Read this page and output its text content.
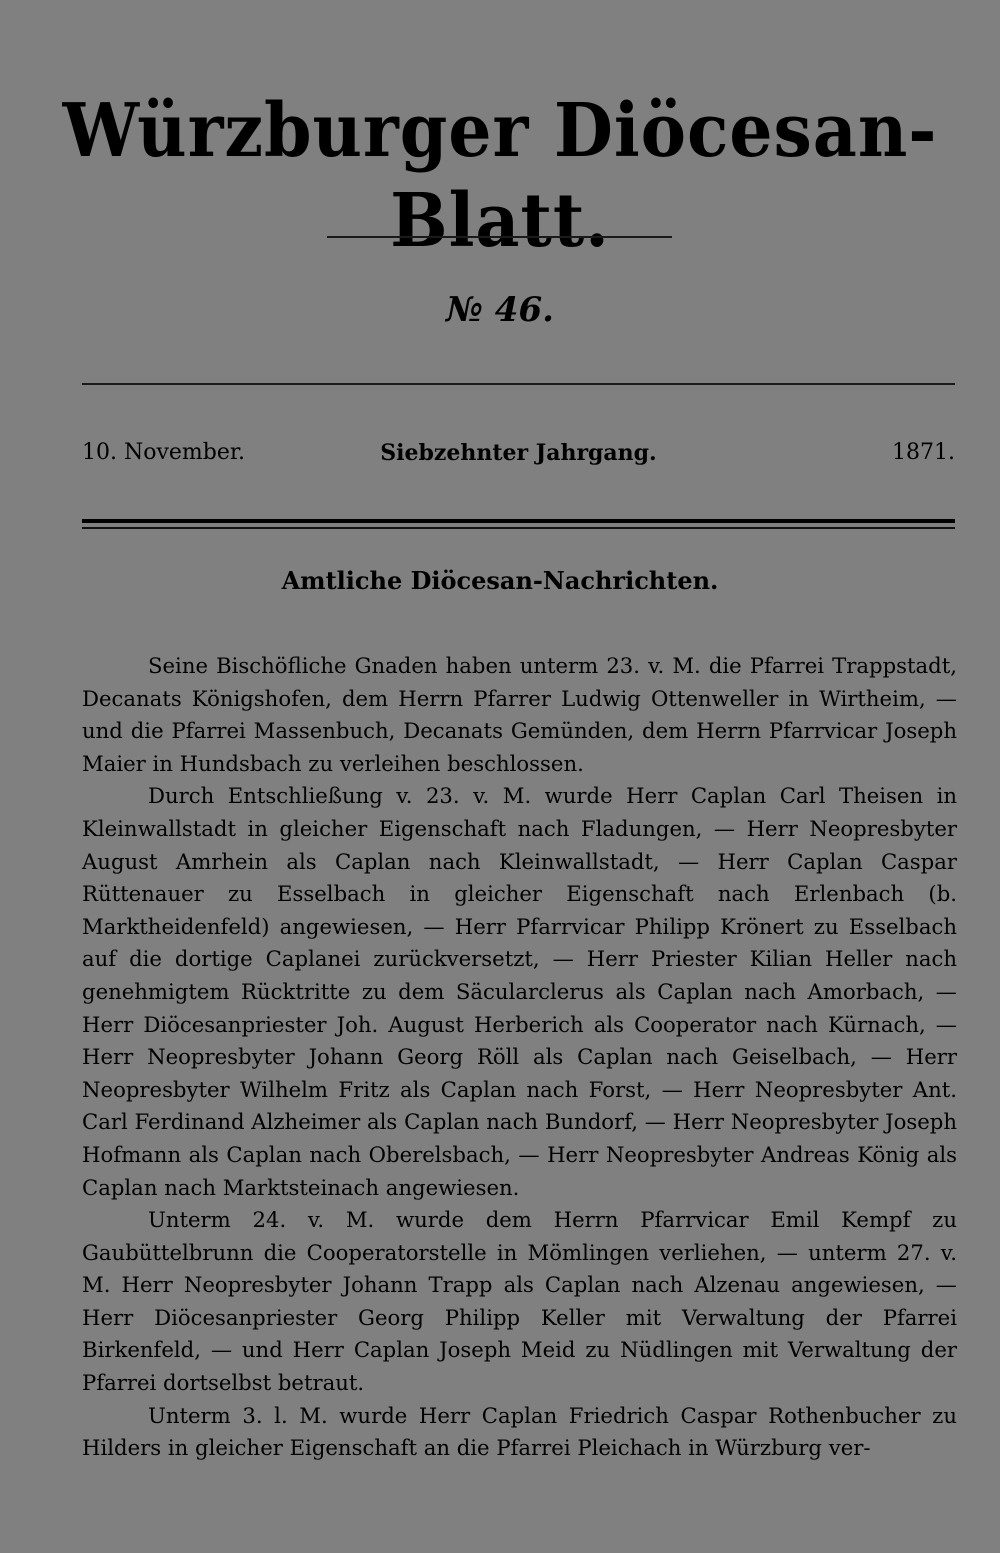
Würzburger Diöcesan-Blatt.
№ 46.
10. November.	Siebzehnter Jahrgang.	1871.
Amtliche Diöcesan-Nachrichten.

Seine Bischöfliche Gnaden haben unterm 23. v. M. die Pfarrei Trappstadt, Decanats Königshofen, dem Herrn Pfarrer Ludwig Ottenweller in Wirtheim, — und die Pfarrei Massenbuch, Decanats Gemünden, dem Herrn Pfarrvicar Joseph Maier in Hundsbach zu verleihen beschlossen.

Durch Entschließung v. 23. v. M. wurde Herr Caplan Carl Theisen in Kleinwallstadt in gleicher Eigenschaft nach Fladungen, — Herr Neopresbyter August Amrhein als Caplan nach Kleinwallstadt, — Herr Caplan Caspar Rüttenauer zu Esselbach in gleicher Eigenschaft nach Erlenbach (b. Marktheidenfeld) angewiesen, — Herr Pfarrvicar Philipp Krönert zu Esselbach auf die dortige Caplanei zurückversetzt, — Herr Priester Kilian Heller nach genehmigtem Rücktritte zu dem Säcularclerus als Caplan nach Amorbach, — Herr Diöcesanpriester Joh. August Herberich als Cooperator nach Kürnach, — Herr Neopresbyter Johann Georg Röll als Caplan nach Geiselbach, — Herr Neopresbyter Wilhelm Fritz als Caplan nach Forst, — Herr Neopresbyter Ant. Carl Ferdinand Alzheimer als Caplan nach Bundorf, — Herr Neopresbyter Joseph Hofmann als Caplan nach Oberelsbach, — Herr Neopresbyter Andreas König als Caplan nach Marktsteinach angewiesen.

Unterm 24. v. M. wurde dem Herrn Pfarrvicar Emil Kempf zu Gaubüttelbrunn die Cooperatorstelle in Mömlingen verliehen, — unterm 27. v. M. Herr Neopresbyter Johann Trapp als Caplan nach Alzenau angewiesen, — Herr Diöcesanpriester Georg Philipp Keller mit Verwaltung der Pfarrei Birkenfeld, — und Herr Caplan Joseph Meid zu Nüdlingen mit Verwaltung der Pfarrei dortselbst betraut.

Unterm 3. l. M. wurde Herr Caplan Friedrich Caspar Rothenbucher zu Hilders in gleicher Eigenschaft an die Pfarrei Pleichach in Würzburg ver-
